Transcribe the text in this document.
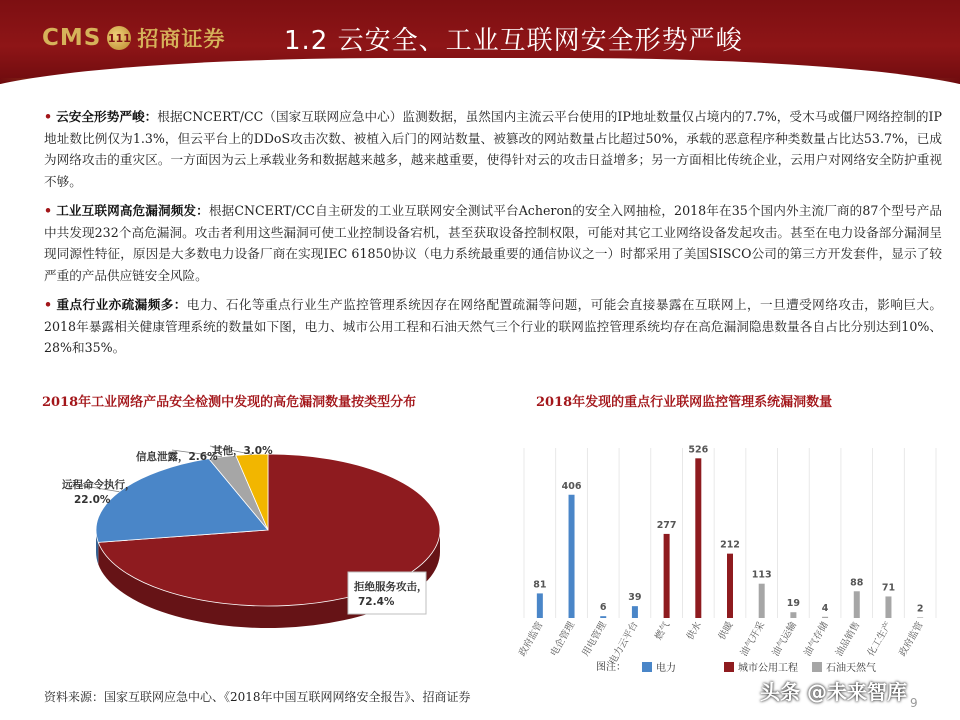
CMS 111 招商证券 1.2 云安全、工业互联网安全形势严峻
• 云安全形势严峻：根据CNCERT/CC（国家互联网应急中心）监测数据，虽然国内主流云平台使用的IP地址数量仅占境内的7.7%，受木马或僵尸网络控制的IP地址数比例仅为1.3%，但云平台上的DDoS攻击次数、被植入后门的网站数量、被篡改的网站数量占比超过50%，承载的恶意程序种类数量占比达53.7%，已成为网络攻击的重灾区。一方面因为云上承载业务和数据越来越多，越来越重要，使得针对云的攻击日益增多；另一方面相比传统企业，云用户对网络安全防护重视不够。
• 工业互联网高危漏洞频发：根据CNCERT/CC自主研发的工业互联网安全测试平台Acheron的安全入网抽检，2018年在35个国内外主流厂商的87个型号产品中共发现232个高危漏洞。攻击者利用这些漏洞可使工业控制设备宕机，甚至获取设备控制权限，可能对其它工业网络设备发起攻击。甚至在电力设备部分漏洞呈现同源性特征，原因是大多数电力设备厂商在实现IEC 61850协议（电力系统最重要的通信协议之一）时都采用了美国SISCO公司的第三方开发套件，显示了较严重的产品供应链安全风险。
• 重点行业亦疏漏频多：电力、石化等重点行业生产监控管理系统因存在网络配置疏漏等问题，可能会直接暴露在互联网上，一旦遭受网络攻击，影响巨大。2018年暴露相关健康管理系统的数量如下图，电力、城市公用工程和石油天然气三个行业的联网监控管理系统均存在高危漏洞隐患数量各自占比分别达到10%、28%和35%。
2018年工业网络产品安全检测中发现的高危漏洞数量按类型分布	2018年发现的重点行业联网监控管理系统漏洞数量
拒绝服务攻击，
72.4%
远程命令执行，
22.0%
信息泄露，2.6%
其他，3.0%
81
政府监管
406
电企管理
6
用电管理
39
电力云平台
277
燃气
526
供水
212
供暖
113
油气开采
19
油气运输
4
油气存储
88
油品销售
71
化工生产
2
政府监管
图注：	电力	城市公用工程	石油天然气
资料来源：国家互联网应急中心、《2018年中国互联网网络安全报告》、招商证券	头条 @未来智库 9
